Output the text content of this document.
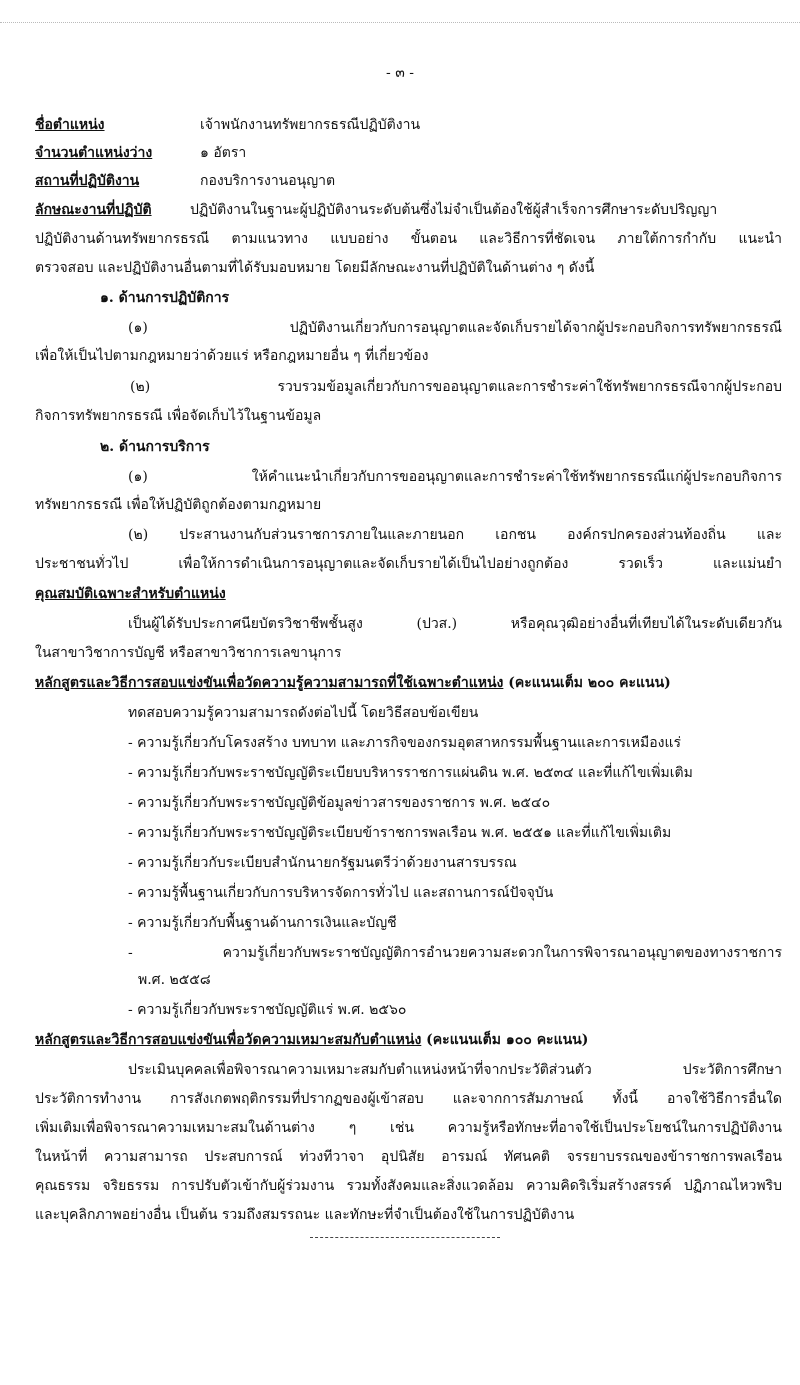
- ๓ -
ชื่อตำแหน่ง	เจ้าพนักงานทรัพยากรธรณีปฏิบัติงาน
จำนวนตำแหน่งว่าง	๑ อัตรา
สถานที่ปฏิบัติงาน	กองบริการงานอนุญาต
ลักษณะงานที่ปฏิบัติ	ปฏิบัติงานในฐานะผู้ปฏิบัติงานระดับต้นซึ่งไม่จำเป็นต้องใช้ผู้สำเร็จการศึกษาระดับปริญญา
ปฏิบัติงานด้านทรัพยากรธรณี ตามแนวทาง แบบอย่าง ขั้นตอน และวิธีการที่ชัดเจน ภายใต้การกำกับ แนะนำ
ตรวจสอบ และปฏิบัติงานอื่นตามที่ได้รับมอบหมาย โดยมีลักษณะงานที่ปฏิบัติในด้านต่าง ๆ ดังนี้
๑. ด้านการปฏิบัติการ
(๑) ปฏิบัติงานเกี่ยวกับการอนุญาตและจัดเก็บรายได้จากผู้ประกอบกิจการทรัพยากรธรณี
เพื่อให้เป็นไปตามกฎหมายว่าด้วยแร่ หรือกฎหมายอื่น ๆ ที่เกี่ยวข้อง
(๒) รวบรวมข้อมูลเกี่ยวกับการขออนุญาตและการชำระค่าใช้ทรัพยากรธรณีจากผู้ประกอบ
กิจการทรัพยากรธรณี เพื่อจัดเก็บไว้ในฐานข้อมูล
๒. ด้านการบริการ
(๑) ให้คำแนะนำเกี่ยวกับการขออนุญาตและการชำระค่าใช้ทรัพยากรธรณีแก่ผู้ประกอบกิจการ
ทรัพยากรธรณี เพื่อให้ปฏิบัติถูกต้องตามกฎหมาย
(๒) ประสานงานกับส่วนราชการภายในและภายนอก เอกชน องค์กรปกครองส่วนท้องถิ่น และ
ประชาชนทั่วไป เพื่อให้การดำเนินการอนุญาตและจัดเก็บรายได้เป็นไปอย่างถูกต้อง รวดเร็ว และแม่นยำ
คุณสมบัติเฉพาะสำหรับตำแหน่ง
เป็นผู้ได้รับประกาศนียบัตรวิชาชีพชั้นสูง (ปวส.) หรือคุณวุฒิอย่างอื่นที่เทียบได้ในระดับเดียวกัน
ในสาขาวิชาการบัญชี หรือสาขาวิชาการเลขานุการ
หลักสูตรและวิธีการสอบแข่งขันเพื่อวัดความรู้ความสามารถที่ใช้เฉพาะตำแหน่ง (คะแนนเต็ม ๒๐๐ คะแนน)
ทดสอบความรู้ความสามารถดังต่อไปนี้ โดยวิธีสอบข้อเขียน
- ความรู้เกี่ยวกับโครงสร้าง บทบาท และภารกิจของกรมอุตสาหกรรมพื้นฐานและการเหมืองแร่
- ความรู้เกี่ยวกับพระราชบัญญัติระเบียบบริหารราชการแผ่นดิน พ.ศ. ๒๕๓๔ และที่แก้ไขเพิ่มเติม
- ความรู้เกี่ยวกับพระราชบัญญัติข้อมูลข่าวสารของราชการ พ.ศ. ๒๕๔๐
- ความรู้เกี่ยวกับพระราชบัญญัติระเบียบข้าราชการพลเรือน พ.ศ. ๒๕๕๑ และที่แก้ไขเพิ่มเติม
- ความรู้เกี่ยวกับระเบียบสำนักนายกรัฐมนตรีว่าด้วยงานสารบรรณ
- ความรู้พื้นฐานเกี่ยวกับการบริหารจัดการทั่วไป และสถานการณ์ปัจจุบัน
- ความรู้เกี่ยวกับพื้นฐานด้านการเงินและบัญชี
- ความรู้เกี่ยวกับพระราชบัญญัติการอำนวยความสะดวกในการพิจารณาอนุญาตของทางราชการ
พ.ศ. ๒๕๕๘
- ความรู้เกี่ยวกับพระราชบัญญัติแร่ พ.ศ. ๒๕๖๐
หลักสูตรและวิธีการสอบแข่งขันเพื่อวัดความเหมาะสมกับตำแหน่ง (คะแนนเต็ม ๑๐๐ คะแนน)
ประเมินบุคคลเพื่อพิจารณาความเหมาะสมกับตำแหน่งหน้าที่จากประวัติส่วนตัว ประวัติการศึกษา
ประวัติการทำงาน การสังเกตพฤติกรรมที่ปรากฏของผู้เข้าสอบ และจากการสัมภาษณ์ ทั้งนี้ อาจใช้วิธีการอื่นใด
เพิ่มเติมเพื่อพิจารณาความเหมาะสมในด้านต่าง ๆ เช่น ความรู้หรือทักษะที่อาจใช้เป็นประโยชน์ในการปฏิบัติงาน
ในหน้าที่ ความสามารถ ประสบการณ์ ท่วงทีวาจา อุปนิสัย อารมณ์ ทัศนคติ จรรยาบรรณของข้าราชการพลเรือน
คุณธรรม จริยธรรม การปรับตัวเข้ากับผู้ร่วมงาน รวมทั้งสังคมและสิ่งแวดล้อม ความคิดริเริ่มสร้างสรรค์ ปฏิภาณไหวพริบ
และบุคลิกภาพอย่างอื่น เป็นต้น รวมถึงสมรรถนะ และทักษะที่จำเป็นต้องใช้ในการปฏิบัติงาน
